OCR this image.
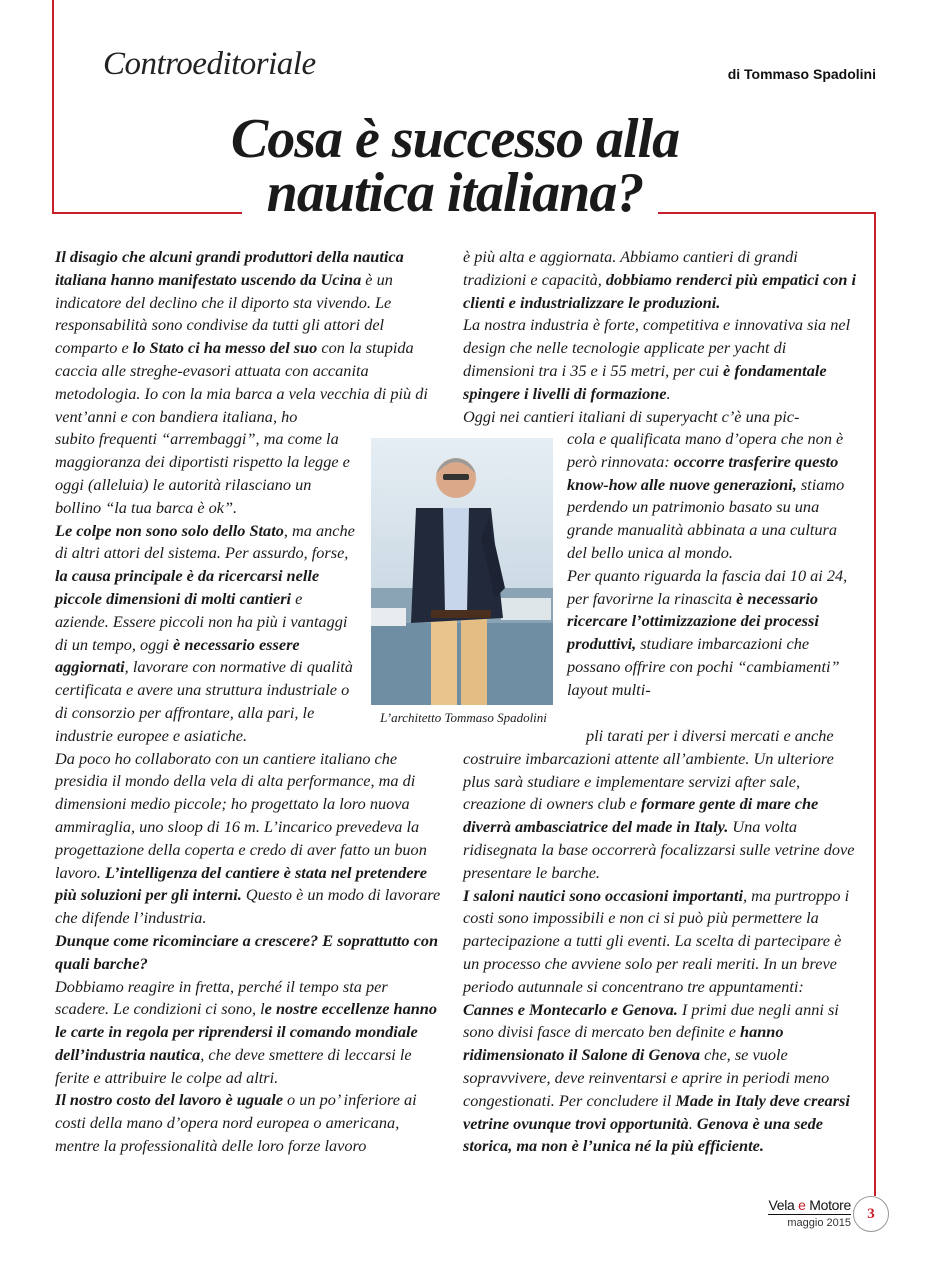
Controeditoriale	di Tommaso Spadolini
Cosa è successo alla nautica italiana?

Il disagio che alcuni grandi produttori della nautica italiana hanno manifestato uscendo da Ucina è un indicatore del declino che il diporto sta vivendo. Le responsabilità sono condivise da tutti gli attori del comparto e lo Stato ci ha messo del suo con la stupida caccia alle streghe-evasori attuata con accanita metodologia. Io con la mia barca a vela vecchia di più di vent’anni e con bandiera italiana, ho

subito frequenti “arrembaggi”, ma come la maggioranza dei diportisti rispetto la legge e oggi (alleluia) le autorità rilasciano un bollino “la tua barca è ok”.

Le colpe non sono solo dello Stato, ma anche di altri attori del sistema. Per assurdo, forse, la causa principale è da ricercarsi nelle piccole dimensioni di molti cantieri e aziende. Essere piccoli non ha più i vantaggi di un tempo, oggi è necessario essere aggiornati, lavorare con normative di qualità certificata e avere una struttura industriale o di consorzio per affrontare, alla pari, le industrie europee e asiatiche.

Da poco ho collaborato con un cantiere italiano che presidia il mondo della vela di alta performance, ma di dimensioni medio piccole; ho progettato la loro nuova ammiraglia, uno sloop di 16 m. L’incarico prevedeva la progettazione della coperta e credo di aver fatto un buon lavoro. L’intelligenza del cantiere è stata nel pretendere più soluzioni per gli interni. Questo è un modo di lavorare che difende l’industria.

Dunque come ricominciare a crescere? E soprattutto con quali barche?

Dobbiamo reagire in fretta, perché il tempo sta per scadere. Le condizioni ci sono, le nostre eccellenze hanno le carte in regola per riprendersi il comando mondiale dell’industria nautica, che deve smettere di leccarsi le ferite e attribuire le colpe ad altri.

Il nostro costo del lavoro è uguale o un po’ inferiore ai costi della mano d’opera nord europea o americana, mentre la professionalità delle loro forze lavoro

L’architetto Tommaso Spadolini

è più alta e aggiornata. Abbiamo cantieri di grandi tradizioni e capacità, dobbiamo renderci più empatici con i clienti e industrializzare le produzioni.

La nostra industria è forte, competitiva e innovativa sia nel design che nelle tecnologie applicate per yacht di dimensioni tra i 35 e i 55 metri, per cui è fondamentale spingere i livelli di formazione.

Oggi nei cantieri italiani di superyacht c’è una pic-

cola e qualificata mano d’opera che non è però rinnovata: occorre trasferire questo know-how alle nuove generazioni, stiamo perdendo un patrimonio basato su una grande manualità abbinata a una cultura del bello unica al mondo.

Per quanto riguarda la fascia dai 10 ai 24, per favorirne la rinascita è necessario ricercare l’ottimizzazione dei processi produttivi, studiare imbarcazioni che possano offrire con pochi “cambiamenti” layout multi-

pli tarati per i diversi mercati e anche

costruire imbarcazioni attente all’ambiente. Un ulteriore plus sarà studiare e implementare servizi after sale, creazione di owners club e formare gente di mare che diverrà ambasciatrice del made in Italy. Una volta ridisegnata la base occorrerà focalizzarsi sulle vetrine dove presentare le barche.

I saloni nautici sono occasioni importanti, ma purtroppo i costi sono impossibili e non ci si può più permettere la partecipazione a tutti gli eventi. La scelta di partecipare è un processo che avviene solo per reali meriti. In un breve periodo autunnale si concentrano tre appuntamenti: Cannes e Montecarlo e Genova. I primi due negli anni si sono divisi fasce di mercato ben definite e hanno ridimensionato il Salone di Genova che, se vuole sopravvivere, deve reinventarsi e aprire in periodi meno congestionati. Per concludere il Made in Italy deve crearsi vetrine ovunque trovi opportunità. Genova è una sede storica, ma non è l’unica né la più efficiente.

Vela e Motore
maggio 2015
3
